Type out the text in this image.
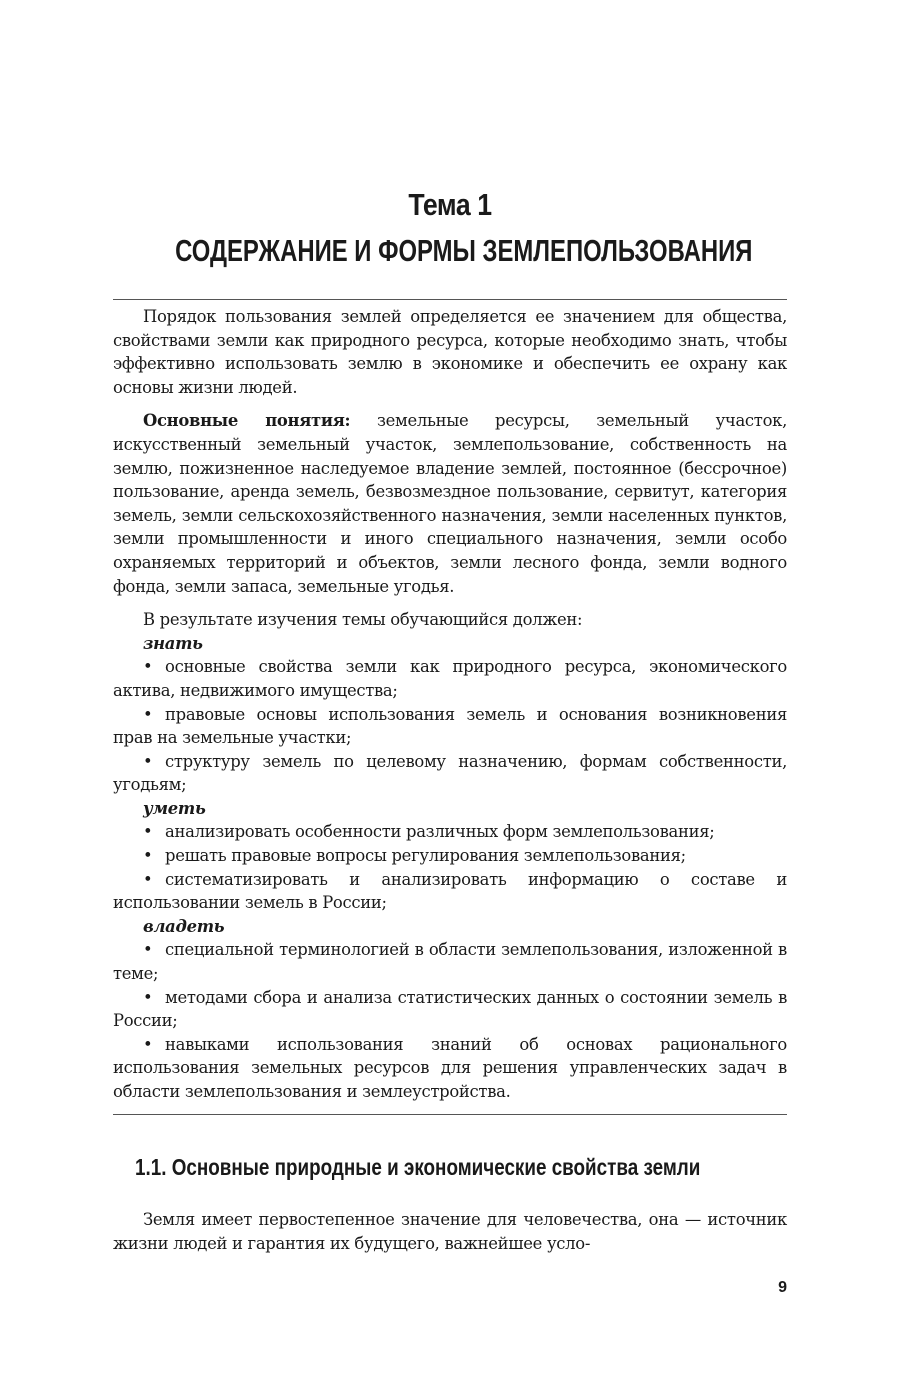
Тема 1
СОДЕРЖАНИЕ И ФОРМЫ ЗЕМЛЕПОЛЬЗОВАНИЯ

Порядок пользования землей определяется ее значением для общества, свойствами земли как природного ресурса, которые необходимо знать, чтобы эффективно использовать землю в экономике и обеспечить ее охрану как основы жизни людей.

Основные понятия: земельные ресурсы, земельный участок, искусственный земельный участок, землепользование, собственность на землю, пожизненное наследуемое владение землей, постоянное (бессрочное) пользование, аренда земель, безвозмездное пользование, сервитут, категория земель, земли сельскохозяйственного назначения, земли населенных пунктов, земли промышленности и иного специального назначения, земли особо охраняемых территорий и объектов, земли лесного фонда, земли водного фонда, земли запаса, земельные угодья.

В результате изучения темы обучающийся должен:

знать
• основные свойства земли как природного ресурса, экономического актива, недвижимого имущества;
• правовые основы использования земель и основания возникновения прав на земельные участки;
• структуру земель по целевому назначению, формам собственности, угодьям;
уметь
• анализировать особенности различных форм землепользования;
• решать правовые вопросы регулирования землепользования;
• систематизировать и анализировать информацию о составе и использовании земель в России;
владеть
• специальной терминологией в области землепользования, изложенной в теме;
• методами сбора и анализа статистических данных о состоянии земель в России;
• навыками использования знаний об основах рационального использования земельных ресурсов для решения управленческих задач в области землепользования и землеустройства.
1.1. Основные природные и экономические свойства земли

Земля имеет первостепенное значение для человечества, она — источник жизни людей и гарантия их будущего, важнейшее усло-

9
